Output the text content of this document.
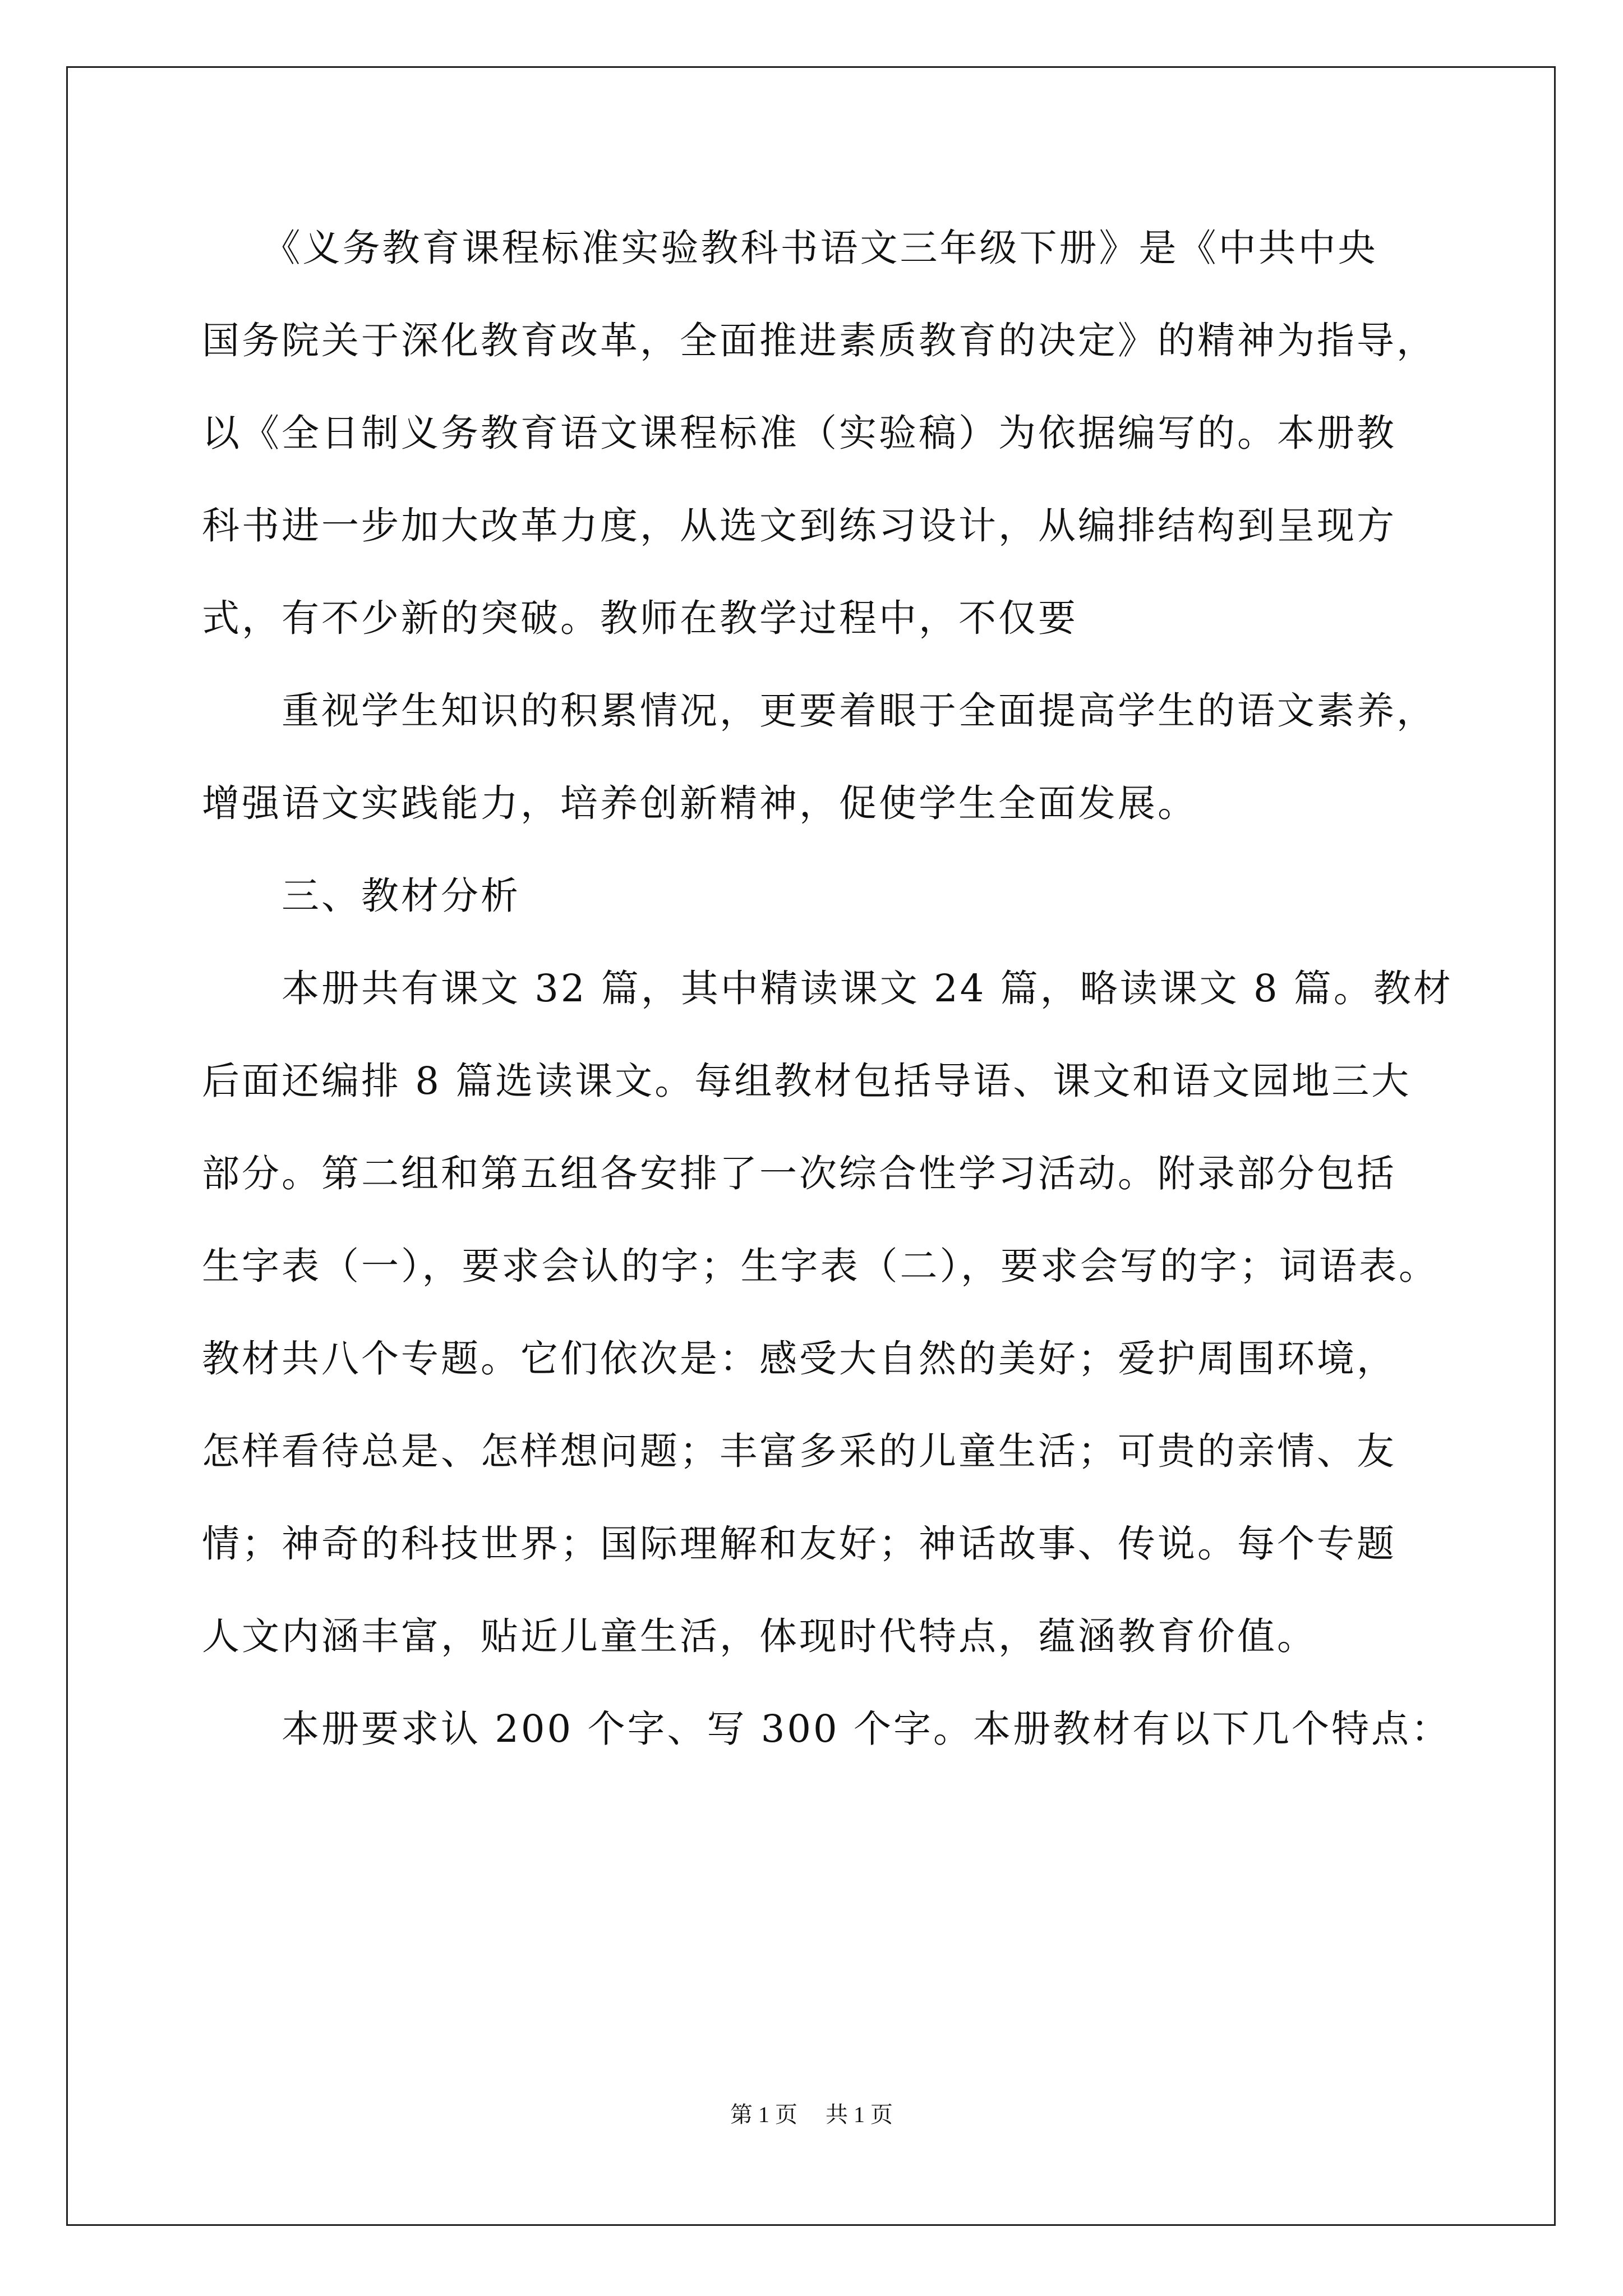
　　《义务教育课程标准实验教科书语文三年级下册》是《中共中央
国务院关于深化教育改革，全面推进素质教育的决定》的精神为指导，
以《全日制义务教育语文课程标准（实验稿）为依据编写的。本册教
科书进一步加大改革力度，从选文到练习设计，从编排结构到呈现方
式，有不少新的突破。教师在教学过程中，不仅要
　　重视学生知识的积累情况，更要着眼于全面提高学生的语文素养，
增强语文实践能力，培养创新精神，促使学生全面发展。
　　三、教材分析
　　本册共有课文 32 篇，其中精读课文 24 篇，略读课文 8 篇。教材
后面还编排 8 篇选读课文。每组教材包括导语、课文和语文园地三大
部分。第二组和第五组各安排了一次综合性学习活动。附录部分包括
生字表（一），要求会认的字；生字表（二），要求会写的字；词语表。
教材共八个专题。它们依次是：感受大自然的美好；爱护周围环境，
怎样看待总是、怎样想问题；丰富多采的儿童生活；可贵的亲情、友
情；神奇的科技世界；国际理解和友好；神话故事、传说。每个专题
人文内涵丰富，贴近儿童生活，体现时代特点，蕴涵教育价值。
　　本册要求认 200 个字、写 300 个字。本册教材有以下几个特点：
第 1 页 共 1 页
